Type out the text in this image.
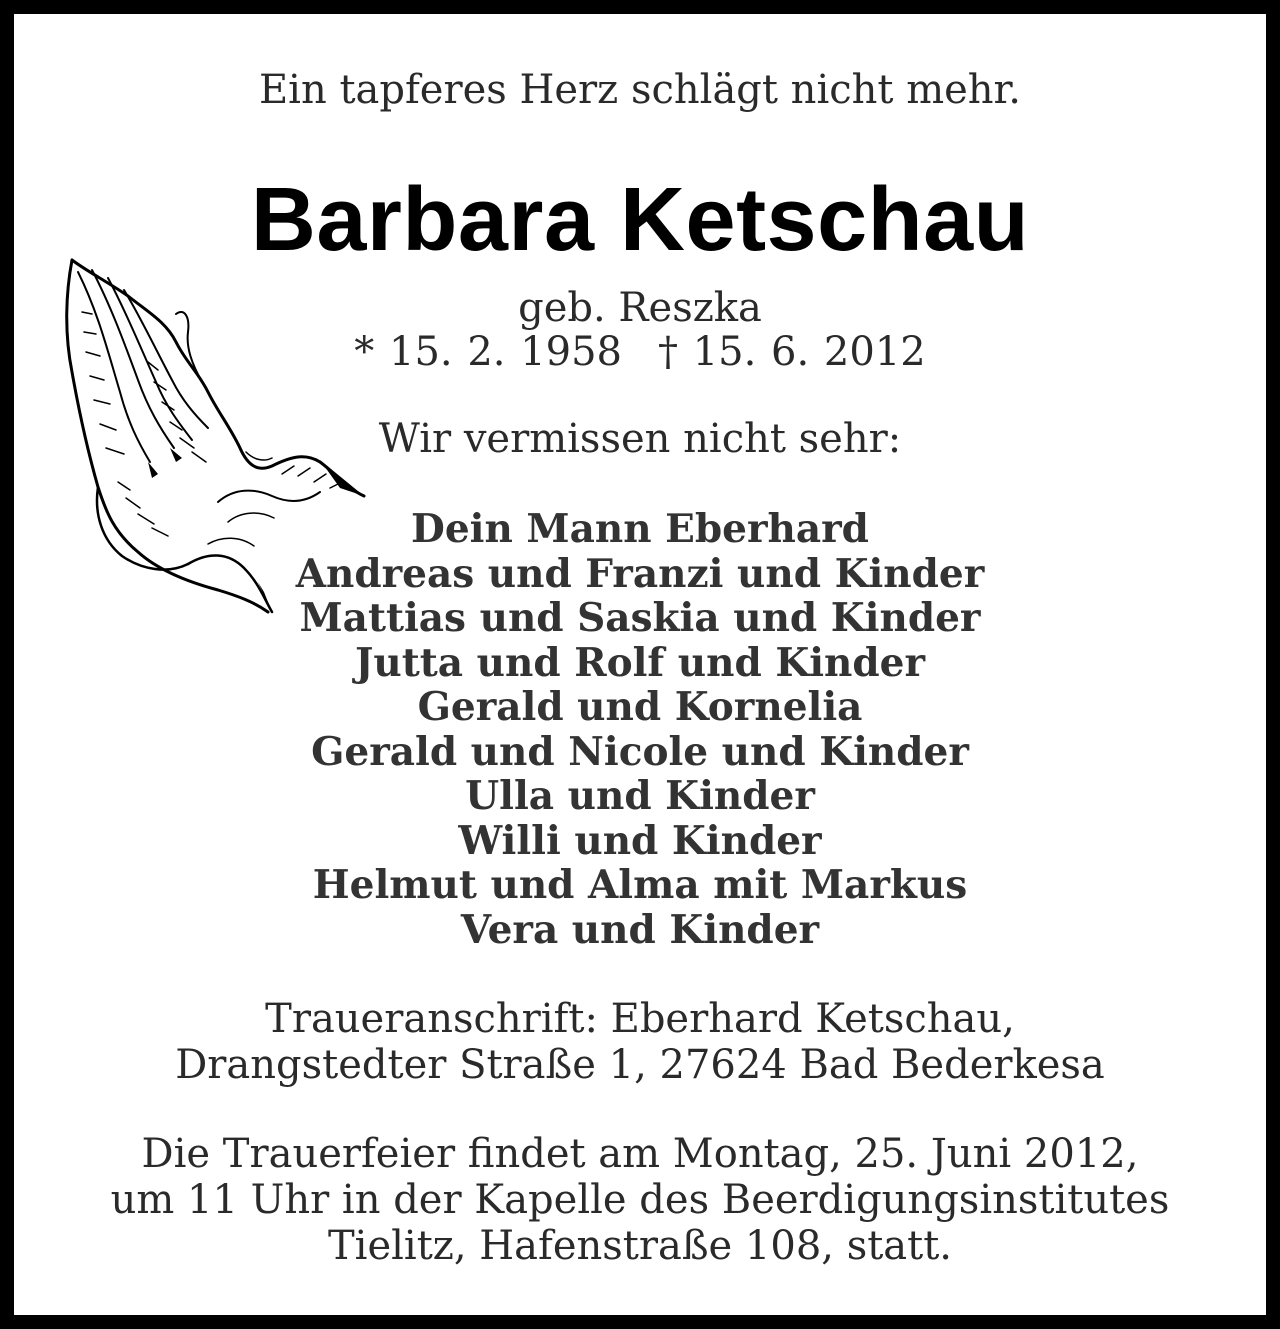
Ein tapferes Herz schlägt nicht mehr.
Barbara Ketschau
geb. Reszka
* 15. 2. 1958 † 15. 6. 2012
Wir vermissen nicht sehr:
Dein Mann Eberhard
Andreas und Franzi und Kinder
Mattias und Saskia und Kinder
Jutta und Rolf und Kinder
Gerald und Kornelia
Gerald und Nicole und Kinder
Ulla und Kinder
Willi und Kinder
Helmut und Alma mit Markus
Vera und Kinder
Traueranschrift: Eberhard Ketschau,
Drangstedter Straße 1, 27624 Bad Bederkesa
Die Trauerfeier findet am Montag, 25. Juni 2012,
um 11 Uhr in der Kapelle des Beerdigungsinstitutes
Tielitz, Hafenstraße 108, statt.
